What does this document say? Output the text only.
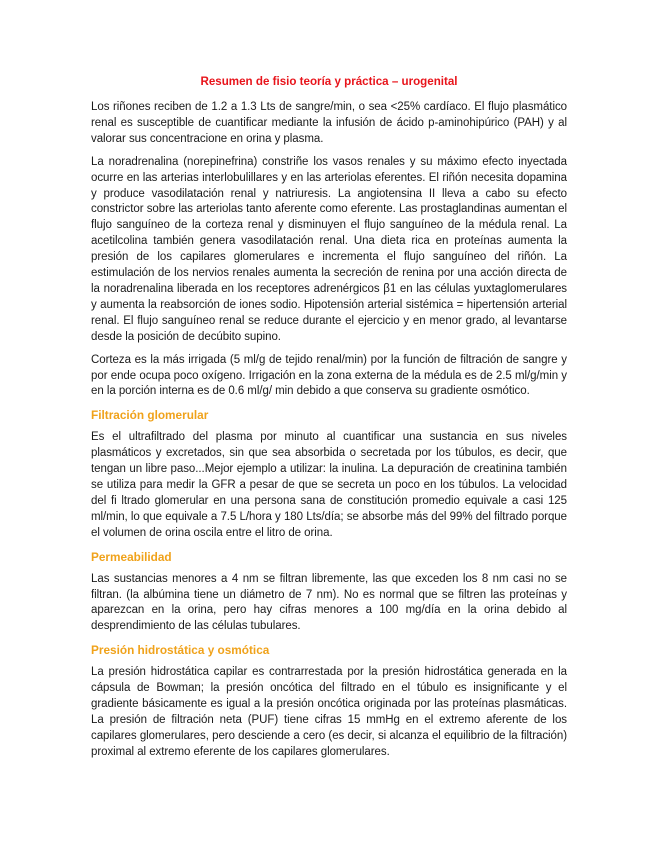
Resumen de fisio teoría y práctica – urogenital

Los riñones reciben de 1.2 a 1.3 Lts de sangre/min, o sea <25% cardíaco. El flujo plasmático renal es susceptible de cuantificar mediante la infusión de ácido p-aminohipúrico (PAH) y al valorar sus concentracione en orina y plasma.

La noradrenalina (norepinefrina) constriñe los vasos renales y su máximo efecto inyectada ocurre en las arterias interlobulillares y en las arteriolas eferentes. El riñón necesita dopamina y produce vasodilatación renal y natriuresis. La angiotensina II lleva a cabo su efecto constrictor sobre las arteriolas tanto aferente como eferente. Las prostaglandinas aumentan el flujo sanguíneo de la corteza renal y disminuyen el flujo sanguíneo de la médula renal. La acetilcolina también genera vasodilatación renal. Una dieta rica en proteínas aumenta la presión de los capilares glomerulares e incrementa el flujo sanguíneo del riñón. La estimulación de los nervios renales aumenta la secreción de renina por una acción directa de la noradrenalina liberada en los receptores adrenérgicos β1 en las células yuxtaglomerulares y aumenta la reabsorción de iones sodio. Hipotensión arterial sistémica = hipertensión arterial renal. El flujo sanguíneo renal se reduce durante el ejercicio y en menor grado, al levantarse desde la posición de decúbito supino.

Corteza es la más irrigada (5 ml/g de tejido renal/min) por la función de filtración de sangre y por ende ocupa poco oxígeno. Irrigación en la zona externa de la médula es de 2.5 ml/g/min y en la porción interna es de 0.6 ml/g/ min debido a que conserva su gradiente osmótico.

Filtración glomerular

Es el ultrafiltrado del plasma por minuto al cuantificar una sustancia en sus niveles plasmáticos y excretados, sin que sea absorbida o secretada por los túbulos, es decir, que tengan un libre paso...Mejor ejemplo a utilizar: la inulina. La depuración de creatinina también se utiliza para medir la GFR a pesar de que se secreta un poco en los túbulos. La velocidad del fi ltrado glomerular en una persona sana de constitución promedio equivale a casi 125 ml/min, lo que equivale a 7.5 L/hora y 180 Lts/día; se absorbe más del 99% del filtrado porque el volumen de orina oscila entre el litro de orina.

Permeabilidad

Las sustancias menores a 4 nm se filtran libremente, las que exceden los 8 nm casi no se filtran. (la albúmina tiene un diámetro de 7 nm). No es normal que se filtren las proteínas y aparezcan en la orina, pero hay cifras menores a 100 mg/día en la orina debido al desprendimiento de las células tubulares.

Presión hidrostática y osmótica

La presión hidrostática capilar es contrarrestada por la presión hidrostática generada en la cápsula de Bowman; la presión oncótica del filtrado en el túbulo es insignificante y el gradiente básicamente es igual a la presión oncótica originada por las proteínas plasmáticas. La presión de filtración neta (PUF) tiene cifras 15 mmHg en el extremo aferente de los capilares glomerulares, pero desciende a cero (es decir, si alcanza el equilibrio de la filtración) proximal al extremo eferente de los capilares glomerulares.
